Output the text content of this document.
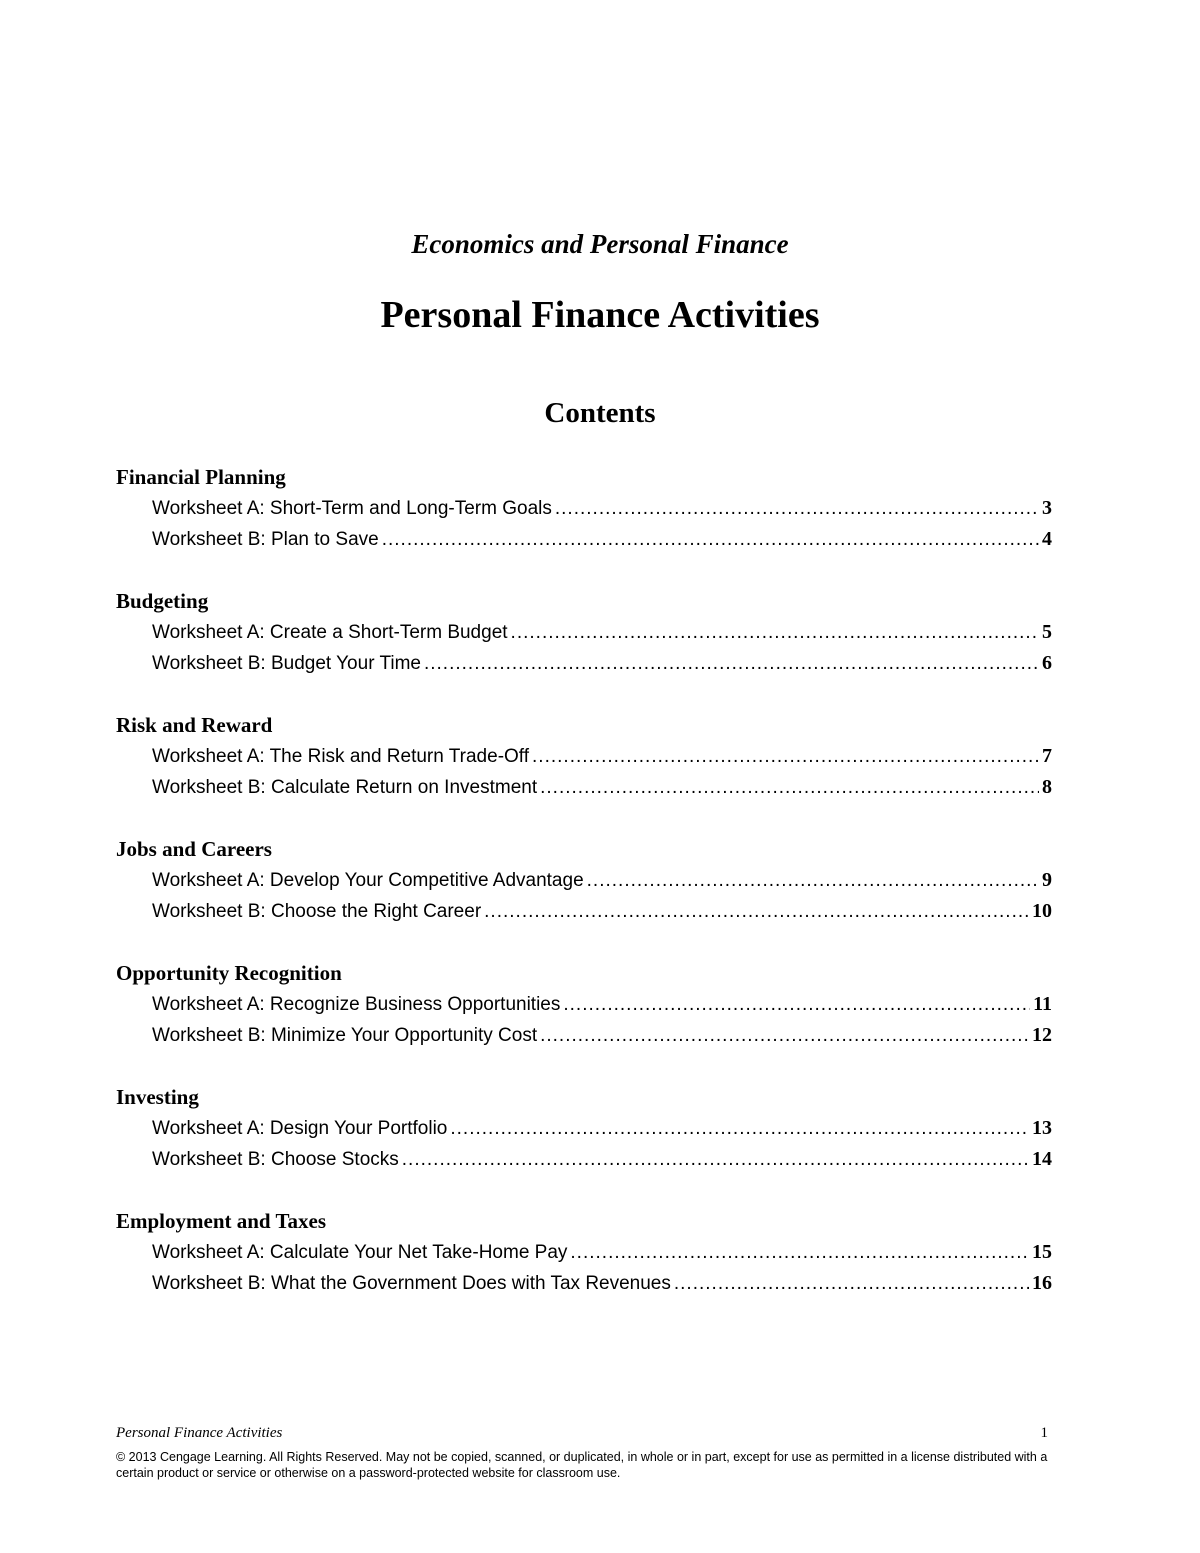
Economics and Personal Finance
Personal Finance Activities
Contents
Financial Planning
Worksheet A: Short-Term and Long-Term Goals .....	3
Worksheet B: Plan to Save .....	4
Budgeting
Worksheet A: Create a Short-Term Budget .....	5
Worksheet B: Budget Your Time .....	6
Risk and Reward
Worksheet A: The Risk and Return Trade-Off .....	7
Worksheet B: Calculate Return on Investment .....	8
Jobs and Careers
Worksheet A: Develop Your Competitive Advantage .....	9
Worksheet B: Choose the Right Career .....	10
Opportunity Recognition
Worksheet A: Recognize Business Opportunities .....	11
Worksheet B: Minimize Your Opportunity Cost .....	12
Investing
Worksheet A: Design Your Portfolio .....	13
Worksheet B: Choose Stocks .....	14
Employment and Taxes
Worksheet A: Calculate Your Net Take-Home Pay .....	15
Worksheet B: What the Government Does with Tax Revenues .....	16
Personal Finance Activities	1
© 2013 Cengage Learning. All Rights Reserved. May not be copied, scanned, or duplicated, in whole or in part, except for use as permitted in a license distributed with a certain product or service or otherwise on a password-protected website for classroom use.
